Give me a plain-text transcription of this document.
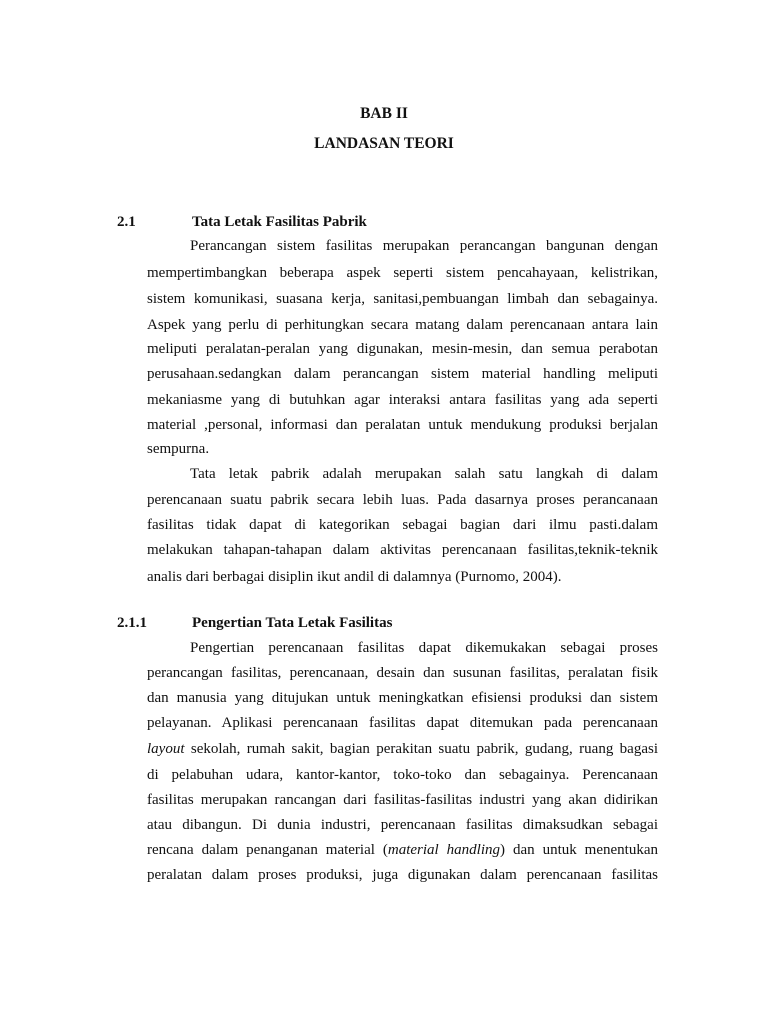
BAB II
LANDASAN TEORI
2.1	Tata Letak Fasilitas Pabrik
Perancangan sistem fasilitas merupakan perancangan bangunan dengan
mempertimbangkan beberapa aspek seperti sistem pencahayaan, kelistrikan,
sistem komunikasi, suasana kerja, sanitasi,pembuangan limbah dan sebagainya.
Aspek yang perlu di perhitungkan secara matang dalam perencanaan antara lain
meliputi peralatan-peralan yang digunakan, mesin-mesin, dan semua perabotan
perusahaan.sedangkan dalam perancangan sistem material handling meliputi
mekaniasme yang di butuhkan agar interaksi antara fasilitas yang ada seperti
material ,personal, informasi dan peralatan untuk mendukung produksi berjalan
sempurna.
Tata letak pabrik adalah merupakan salah satu langkah di dalam
perencanaan suatu pabrik secara lebih luas. Pada dasarnya proses perancanaan
fasilitas tidak dapat di kategorikan sebagai bagian dari ilmu pasti.dalam
melakukan tahapan-tahapan dalam aktivitas perencanaan fasilitas,teknik-teknik
analis dari berbagai disiplin ikut andil di dalamnya (Purnomo, 2004).
2.1.1	Pengertian Tata Letak Fasilitas
Pengertian perencanaan fasilitas dapat dikemukakan sebagai proses
perancangan fasilitas, perencanaan, desain dan susunan fasilitas, peralatan fisik
dan manusia yang ditujukan untuk meningkatkan efisiensi produksi dan sistem
pelayanan. Aplikasi perencanaan fasilitas dapat ditemukan pada perencanaan
layout sekolah, rumah sakit, bagian perakitan suatu pabrik, gudang, ruang bagasi
di pelabuhan udara, kantor-kantor, toko-toko dan sebagainya. Perencanaan
fasilitas merupakan rancangan dari fasilitas-fasilitas industri yang akan didirikan
atau dibangun. Di dunia industri, perencanaan fasilitas dimaksudkan sebagai
rencana dalam penanganan material (material handling) dan untuk menentukan
peralatan dalam proses produksi, juga digunakan dalam perencanaan fasilitas
